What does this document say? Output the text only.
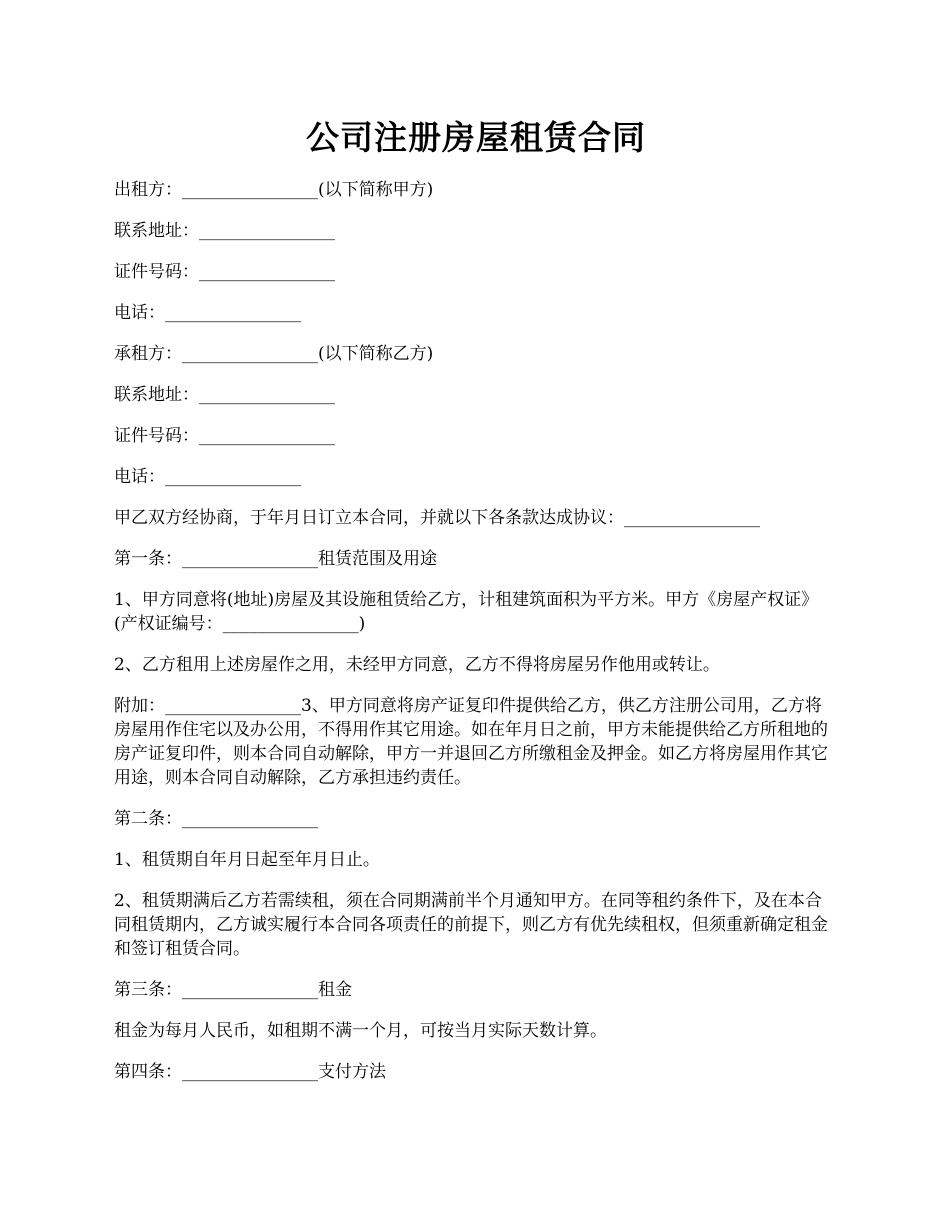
公司注册房屋租赁合同

出租方：________________(以下简称甲方)

联系地址：________________

证件号码：________________

电话：________________

承租方：________________(以下简称乙方)

联系地址：________________

证件号码：________________

电话：________________

甲乙双方经协商，于年月日订立本合同，并就以下各条款达成协议：________________

第一条：________________租赁范围及用途

1、甲方同意将(地址)房屋及其设施租赁给乙方，计租建筑面积为平方米。甲方《房屋产权证》(产权证编号：________________)

2、乙方租用上述房屋作之用，未经甲方同意，乙方不得将房屋另作他用或转让。

附加：________________3、甲方同意将房产证复印件提供给乙方，供乙方注册公司用，乙方将房屋用作住宅以及办公用，不得用作其它用途。如在年月日之前，甲方未能提供给乙方所租地的房产证复印件，则本合同自动解除，甲方一并退回乙方所缴租金及押金。如乙方将房屋用作其它用途，则本合同自动解除，乙方承担违约责任。

第二条：________________

1、租赁期自年月日起至年月日止。

2、租赁期满后乙方若需续租，须在合同期满前半个月通知甲方。在同等租约条件下，及在本合同租赁期内，乙方诚实履行本合同各项责任的前提下，则乙方有优先续租权，但须重新确定租金和签订租赁合同。

第三条：________________租金

租金为每月人民币，如租期不满一个月，可按当月实际天数计算。

第四条：________________支付方法
